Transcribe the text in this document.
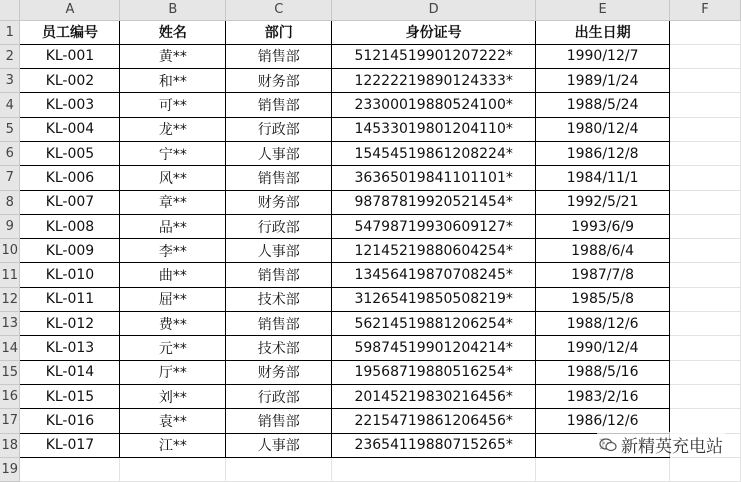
	A	B	C	D	E	F
1	员工编号	姓名	部门	身份证号	出生日期	
2	KL-001	黄**	销售部	51214519901207222*	1990/12/7	
3	KL-002	和**	财务部	12222219890124333*	1989/1/24	
4	KL-003	可**	销售部	23300019880524100*	1988/5/24	
5	KL-004	龙**	行政部	14533019801204110*	1980/12/4	
6	KL-005	宁**	人事部	15454519861208224*	1986/12/8	
7	KL-006	风**	销售部	36365019841101101*	1984/11/1	
8	KL-007	章**	财务部	98787819920521454*	1992/5/21	
9	KL-008	品**	行政部	54798719930609127*	1993/6/9	
10	KL-009	李**	人事部	12145219880604254*	1988/6/4	
11	KL-010	曲**	销售部	13456419870708245*	1987/7/8	
12	KL-011	屈**	技术部	31265419850508219*	1985/5/8	
13	KL-012	费**	销售部	56214519881206254*	1988/12/6	
14	KL-013	元**	技术部	59874519901204214*	1990/12/4	
15	KL-014	厅**	财务部	19568719880516254*	1988/5/16	
16	KL-015	刘**	行政部	20145219830216456*	1983/2/16	
17	KL-016	袁**	销售部	22154719861206456*	1986/12/6	
18	KL-017	江**	人事部	23654119880715265*		
19						
新精英充电站
